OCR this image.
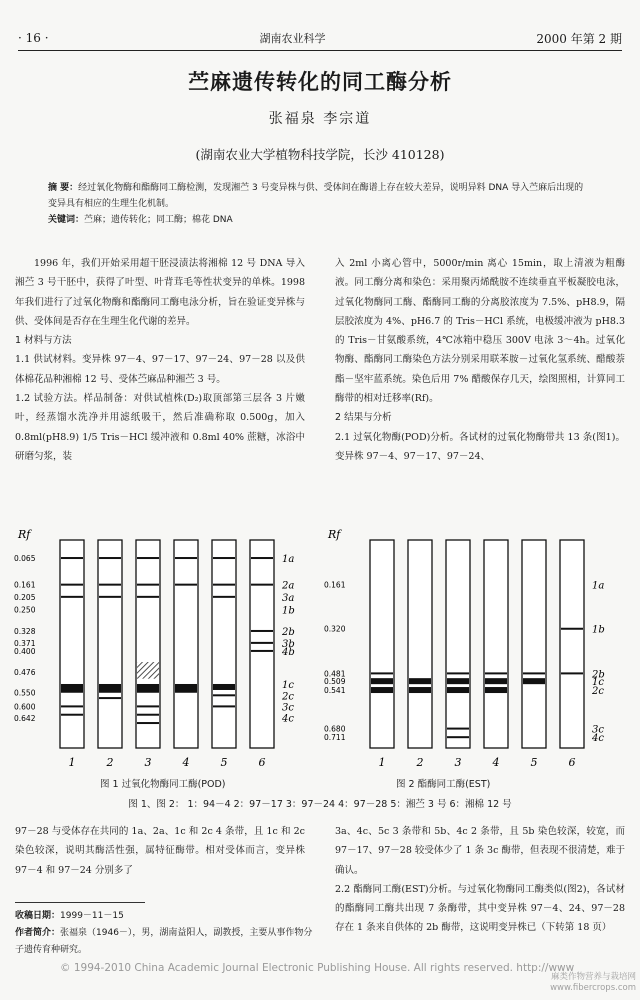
· 16 ·	湖南农业科学	2000 年第 2 期
苎麻遗传转化的同工酶分析
张福泉 李宗道
(湖南农业大学植物科技学院，长沙 410128)
摘 要：经过氧化物酶和酯酶同工酶检测，发现湘苎 3 号变异株与供、受体间在酶谱上存在较大差异，说明异料 DNA 导入苎麻后出现的变异具有相应的生理生化机制。
关键词：苎麻；遗传转化；同工酶；棉花 DNA

1996 年，我们开始采用超干胚浸渍法将湘棉 12 号 DNA 导入湘苎 3 号干胚中，获得了叶型、叶背茸毛等性状变异的单株。1998 年我们进行了过氧化物酶和酯酶同工酶电泳分析，旨在验证变异株与供、受体间是否存在生理生化代谢的差异。

1 材料与方法

1.1 供试材料。变异株 97－4、97－17、97－24、97－28 以及供体棉花品种湘棉 12 号、受体苎麻品种湘苎 3 号。

1.2 试验方法。样品制备：对供试植株(D₂)取顶部第三层各 3 片嫩叶，经蒸馏水洗净并用滤纸吸干，然后准确称取 0.500g，加入 0.8ml(pH8.9) 1/5 Tris－HCl 缓冲液和 0.8ml 40% 蔗糖，冰浴中研磨匀浆，装

入 2ml 小离心管中，5000r/min 离心 15min，取上清液为粗酶液。同工酶分离和染色：采用聚丙烯酰胺不连续垂直平板凝胶电泳，过氧化物酶同工酶、酯酶同工酶的分离胶浓度为 7.5%、pH8.9，隔层胶浓度为 4%、pH6.7 的 Tris－HCl 系统，电极缓冲液为 pH8.3 的 Tris－甘氨酸系统，4℃冰箱中稳压 300V 电泳 3～4h。过氧化物酶、酯酶同工酶染色方法分别采用联苯胺－过氧化氢系统、醋酸萘酯－坚牢蓝系统。染色后用 7% 醋酸保存几天，绘图照相，计算同工酶带的相对迁移率(Rf)。

2 结果与分析

2.1 过氧化物酶(POD)分析。各试材的过氧化物酶带共 13 条(图1)。变异株 97－4、97－17、97－24、

Rf
0.065
0.161
0.205
0.250
0.328
0.371
0.400
0.476
0.550
0.600
0.642
1	2	3	4	5	6
1a
2a
3a
1b
2b
3b
4b
1c
2c
3c
4c
Rf
0.161
0.320
0.481
0.509
0.541
0.680
0.711
1	2	3	4	5	6
1a
1b
2b
1c
2c
3c
4c
图 1 过氧化物酶同工酶(POD)	图 2 酯酶同工酶(EST)
图 1、图 2： 1：94－4 2：97－17 3：97－24 4：97－28 5：湘苎 3 号 6：湘棉 12 号

97－28 与受体存在共同的 1a、2a、1c 和 2c 4 条带，且 1c 和 2c 染色较深，说明其酶活性强，属特征酶带。相对受体而言，变异株 97－4 和 97－24 分别多了

3a、4c、5c 3 条带和 5b、4c 2 条带，且 5b 染色较深，较宽，而 97－17、97－28 较受体少了 1 条 3c 酶带，但表现不很清楚，难于确认。

2.2 酯酶同工酶(EST)分析。与过氧化物酶同工酶类似(图2)，各试材的酯酶同工酶共出现 7 条酶带，其中变异株 97－4、24、97－28 存在 1 条来自供体的 2b 酶带，这说明变异株已（下转第 18 页）

收稿日期：1999－11－15
作者简介：张福泉（1946－），男，湖南益阳人，副教授，主要从事作物分子遗传育种研究。
© 1994-2010 China Academic Journal Electronic Publishing House. All rights reserved. http://www
麻类作物营养与栽培网
www.fibercrops.com
